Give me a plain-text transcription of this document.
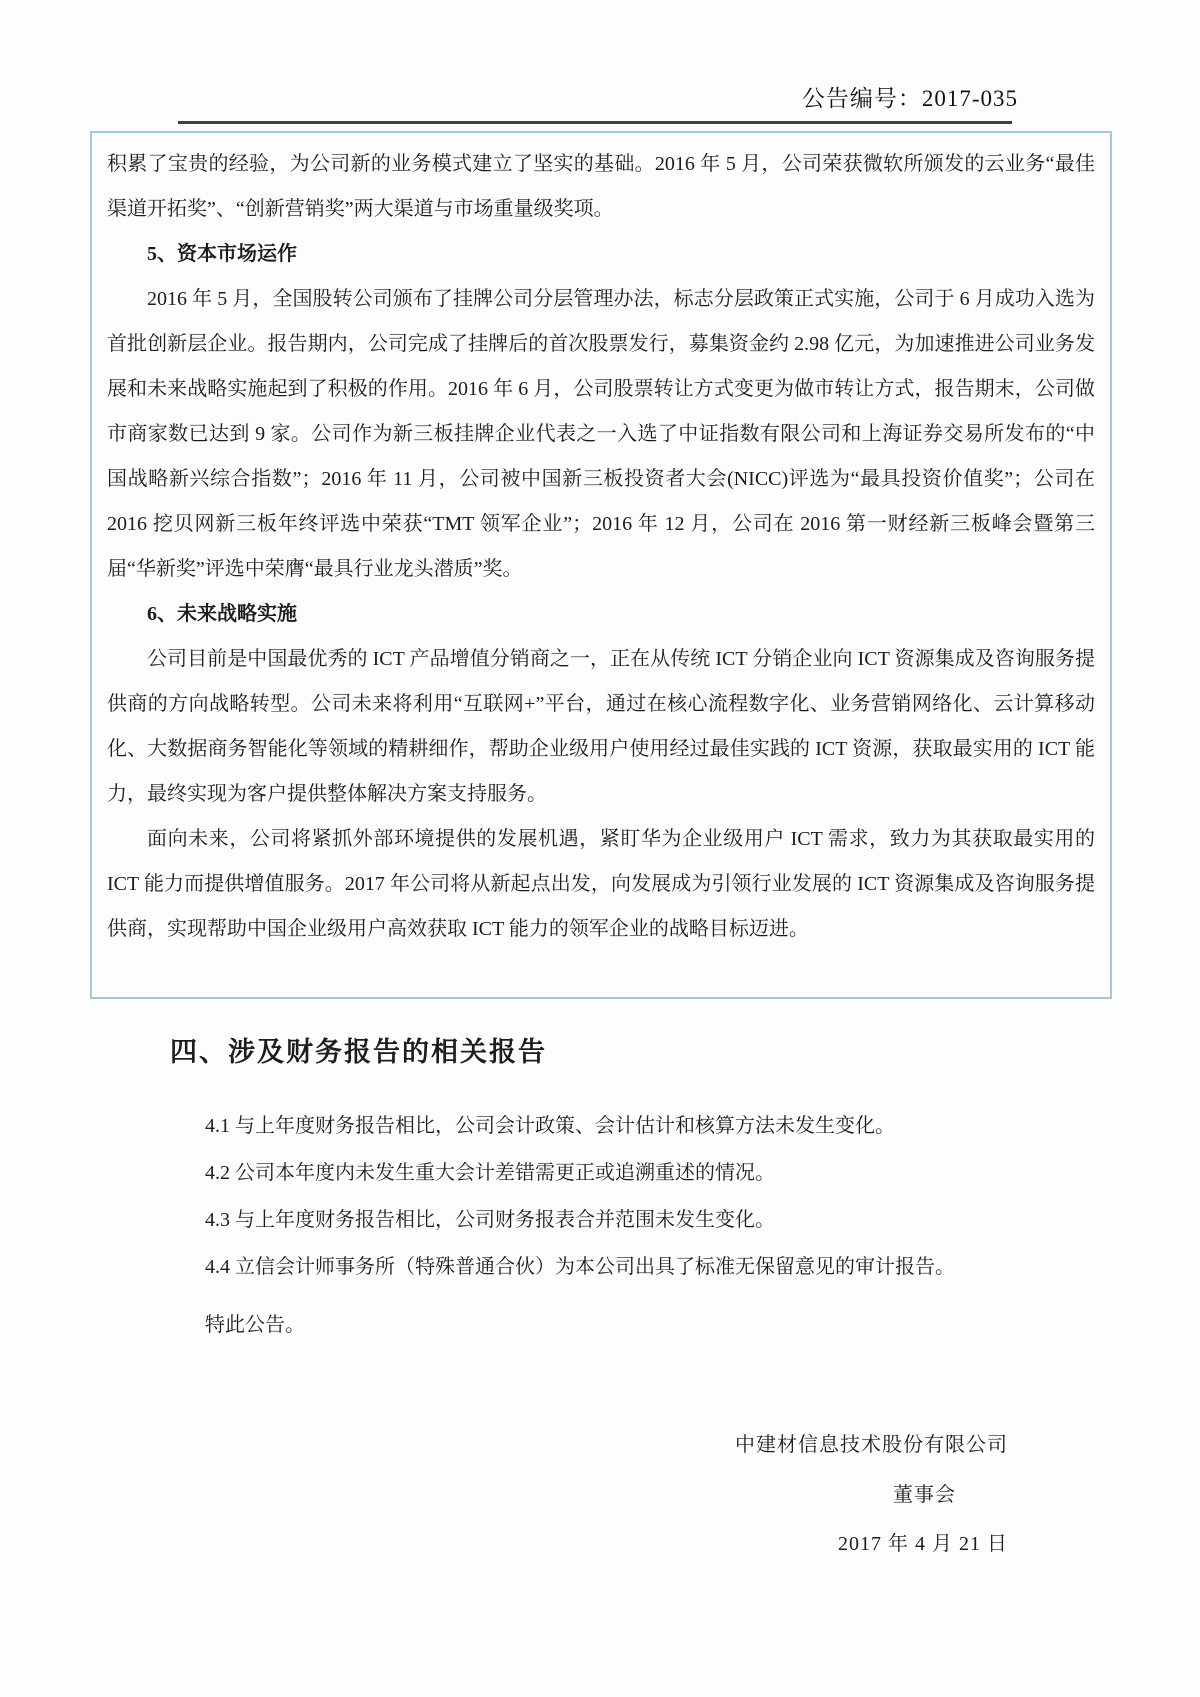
公告编号：2017-035
积累了宝贵的经验，为公司新的业务模式建立了坚实的基础。2016 年 5 月，公司荣获微软所颁发的云业务“最佳渠道开拓奖”、“创新营销奖”两大渠道与市场重量级奖项。
5、资本市场运作
2016 年 5 月，全国股转公司颁布了挂牌公司分层管理办法，标志分层政策正式实施，公司于 6 月成功入选为首批创新层企业。报告期内，公司完成了挂牌后的首次股票发行，募集资金约 2.98 亿元，为加速推进公司业务发展和未来战略实施起到了积极的作用。2016 年 6 月，公司股票转让方式变更为做市转让方式，报告期末，公司做市商家数已达到 9 家。公司作为新三板挂牌企业代表之一入选了中证指数有限公司和上海证券交易所发布的“中国战略新兴综合指数”；2016 年 11 月，公司被中国新三板投资者大会(NICC)评选为“最具投资价值奖”；公司在 2016 挖贝网新三板年终评选中荣获“TMT 领军企业”；2016 年 12 月，公司在 2016 第一财经新三板峰会暨第三届“华新奖”评选中荣膺“最具行业龙头潜质”奖。
6、未来战略实施
公司目前是中国最优秀的 ICT 产品增值分销商之一，正在从传统 ICT 分销企业向 ICT 资源集成及咨询服务提供商的方向战略转型。公司未来将利用“互联网+”平台，通过在核心流程数字化、业务营销网络化、云计算移动化、大数据商务智能化等领域的精耕细作，帮助企业级用户使用经过最佳实践的 ICT 资源，获取最实用的 ICT 能力，最终实现为客户提供整体解决方案支持服务。
面向未来，公司将紧抓外部环境提供的发展机遇，紧盯华为企业级用户 ICT 需求，致力为其获取最实用的 ICT 能力而提供增值服务。2017 年公司将从新起点出发，向发展成为引领行业发展的 ICT 资源集成及咨询服务提供商，实现帮助中国企业级用户高效获取 ICT 能力的领军企业的战略目标迈进。
四、涉及财务报告的相关报告
4.1 与上年度财务报告相比，公司会计政策、会计估计和核算方法未发生变化。
4.2 公司本年度内未发生重大会计差错需更正或追溯重述的情况。
4.3 与上年度财务报告相比，公司财务报表合并范围未发生变化。
4.4 立信会计师事务所（特殊普通合伙）为本公司出具了标准无保留意见的审计报告。
特此公告。
中建材信息技术股份有限公司
董事会
2017 年 4 月 21 日
